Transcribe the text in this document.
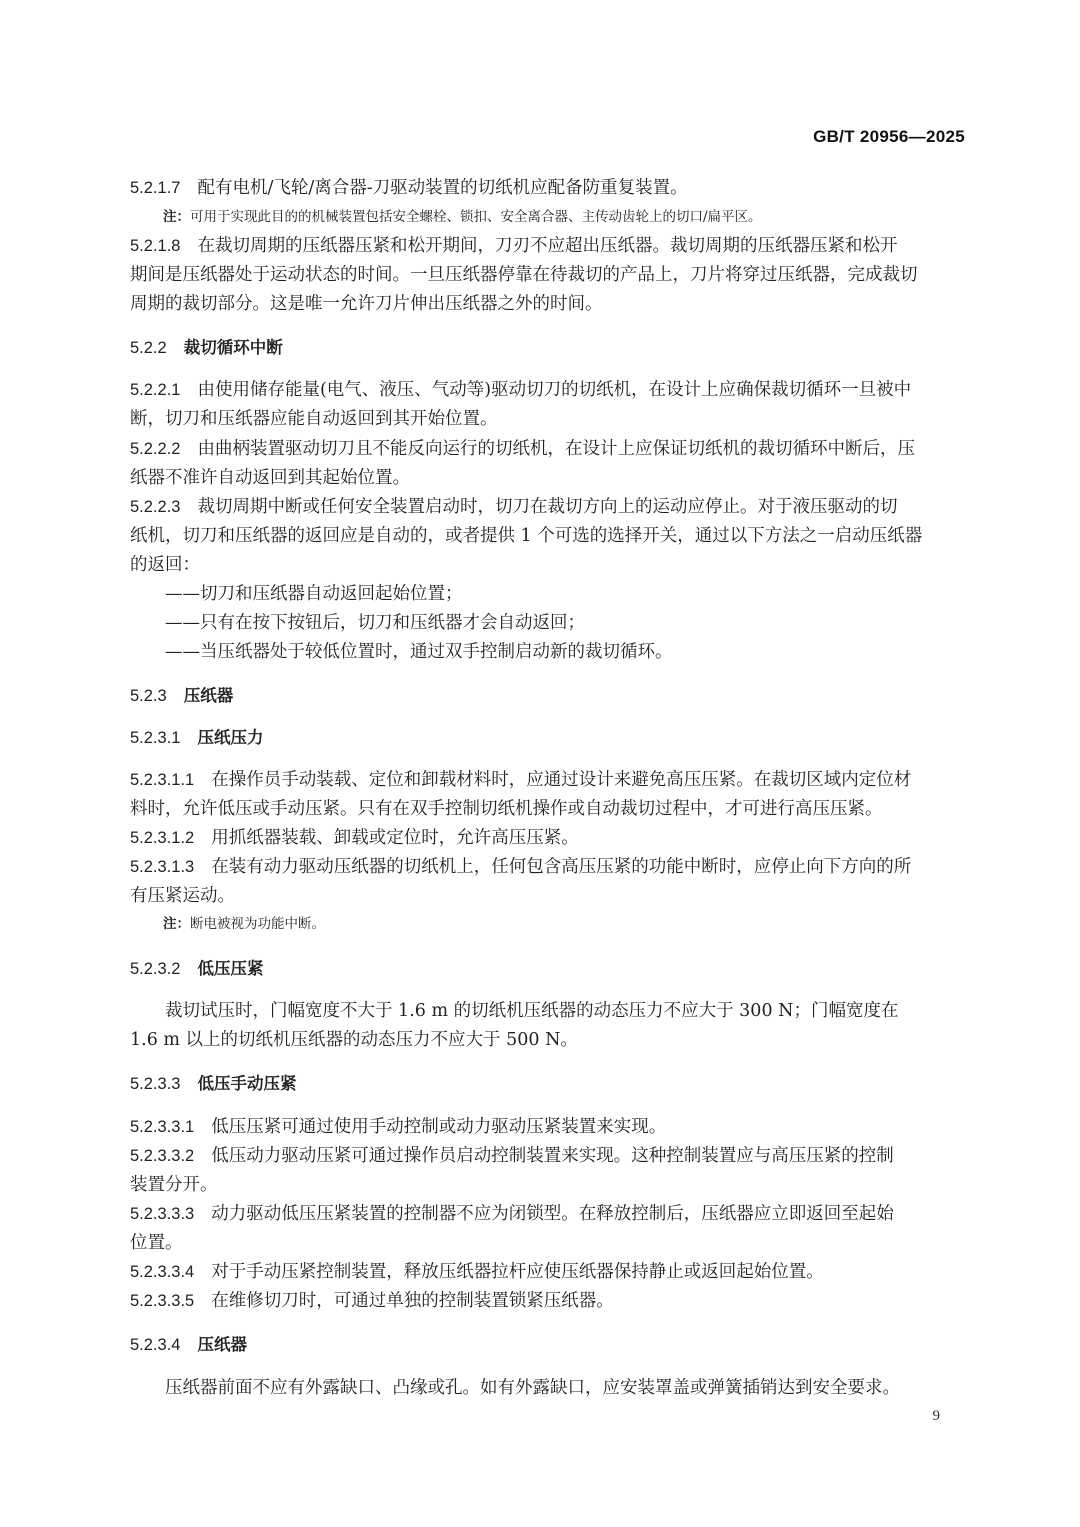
GB/T 20956—2025
5.2.1.7 配有电机/飞轮/离合器-刀驱动装置的切纸机应配备防重复装置。
注：可用于实现此目的的机械装置包括安全螺栓、锁扣、安全离合器、主传动齿轮上的切口/扁平区。
5.2.1.8 在裁切周期的压纸器压紧和松开期间，刀刃不应超出压纸器。裁切周期的压纸器压紧和松开
期间是压纸器处于运动状态的时间。一旦压纸器停靠在待裁切的产品上，刀片将穿过压纸器，完成裁切
周期的裁切部分。这是唯一允许刀片伸出压纸器之外的时间。
5.2.2 裁切循环中断
5.2.2.1 由使用储存能量(电气、液压、气动等)驱动切刀的切纸机，在设计上应确保裁切循环一旦被中
断，切刀和压纸器应能自动返回到其开始位置。
5.2.2.2 由曲柄装置驱动切刀且不能反向运行的切纸机，在设计上应保证切纸机的裁切循环中断后，压
纸器不准许自动返回到其起始位置。
5.2.2.3 裁切周期中断或任何安全装置启动时，切刀在裁切方向上的运动应停止。对于液压驱动的切
纸机，切刀和压纸器的返回应是自动的，或者提供 1 个可选的选择开关，通过以下方法之一启动压纸器
的返回：
——切刀和压纸器自动返回起始位置；
——只有在按下按钮后，切刀和压纸器才会自动返回；
——当压纸器处于较低位置时，通过双手控制启动新的裁切循环。
5.2.3 压纸器
5.2.3.1 压纸压力
5.2.3.1.1 在操作员手动装载、定位和卸载材料时，应通过设计来避免高压压紧。在裁切区域内定位材
料时，允许低压或手动压紧。只有在双手控制切纸机操作或自动裁切过程中，才可进行高压压紧。
5.2.3.1.2 用抓纸器装载、卸载或定位时，允许高压压紧。
5.2.3.1.3 在装有动力驱动压纸器的切纸机上，任何包含高压压紧的功能中断时，应停止向下方向的所
有压紧运动。
注：断电被视为功能中断。
5.2.3.2 低压压紧
裁切试压时，门幅宽度不大于 1.6 m 的切纸机压纸器的动态压力不应大于 300 N；门幅宽度在
1.6 m 以上的切纸机压纸器的动态压力不应大于 500 N。
5.2.3.3 低压手动压紧
5.2.3.3.1 低压压紧可通过使用手动控制或动力驱动压紧装置来实现。
5.2.3.3.2 低压动力驱动压紧可通过操作员启动控制装置来实现。这种控制装置应与高压压紧的控制
装置分开。
5.2.3.3.3 动力驱动低压压紧装置的控制器不应为闭锁型。在释放控制后，压纸器应立即返回至起始
位置。
5.2.3.3.4 对于手动压紧控制装置，释放压纸器拉杆应使压纸器保持静止或返回起始位置。
5.2.3.3.5 在维修切刀时，可通过单独的控制装置锁紧压纸器。
5.2.3.4 压纸器
压纸器前面不应有外露缺口、凸缘或孔。如有外露缺口，应安装罩盖或弹簧插销达到安全要求。
9
